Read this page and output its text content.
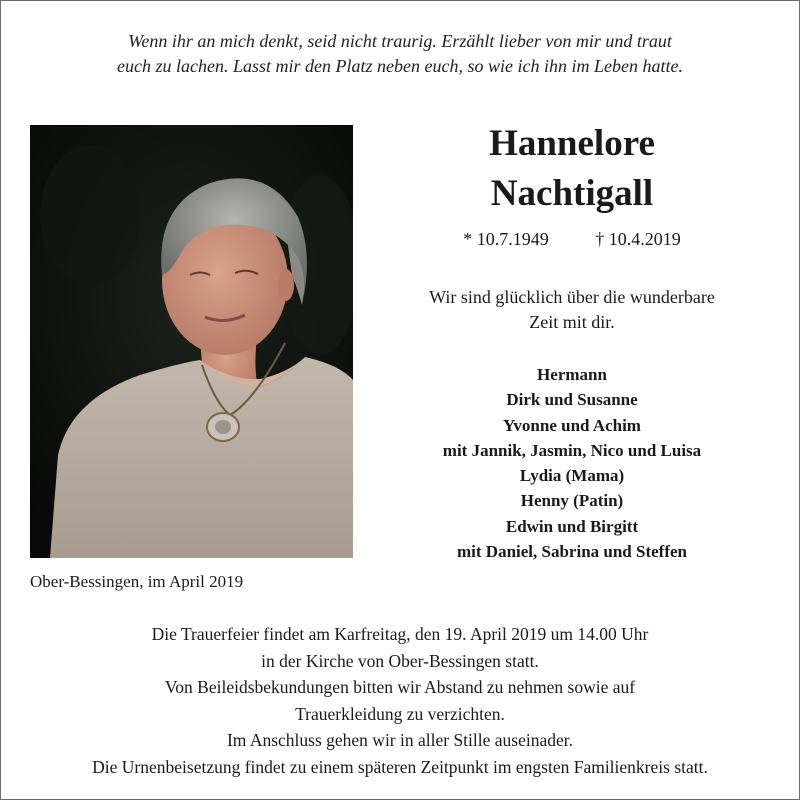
Wenn ihr an mich denkt, seid nicht traurig. Erzählt lieber von mir und traut
euch zu lachen. Lasst mir den Platz neben euch, so wie ich ihn im Leben hatte.
Ober-Bessingen, im April 2019
Hannelore
Nachtigall
* 10.7.1949	† 10.4.2019
Wir sind glücklich über die wunderbare
Zeit mit dir.
Hermann
Dirk und Susanne
Yvonne und Achim
mit Jannik, Jasmin, Nico und Luisa
Lydia (Mama)
Henny (Patin)
Edwin und Birgitt
mit Daniel, Sabrina und Steffen
Die Trauerfeier findet am Karfreitag, den 19. April 2019 um 14.00 Uhr
in der Kirche von Ober-Bessingen statt.
Von Beileidsbekundungen bitten wir Abstand zu nehmen sowie auf
Trauerkleidung zu verzichten.
Im Anschluss gehen wir in aller Stille auseinader.
Die Urnenbeisetzung findet zu einem späteren Zeitpunkt im engsten Familienkreis statt.
